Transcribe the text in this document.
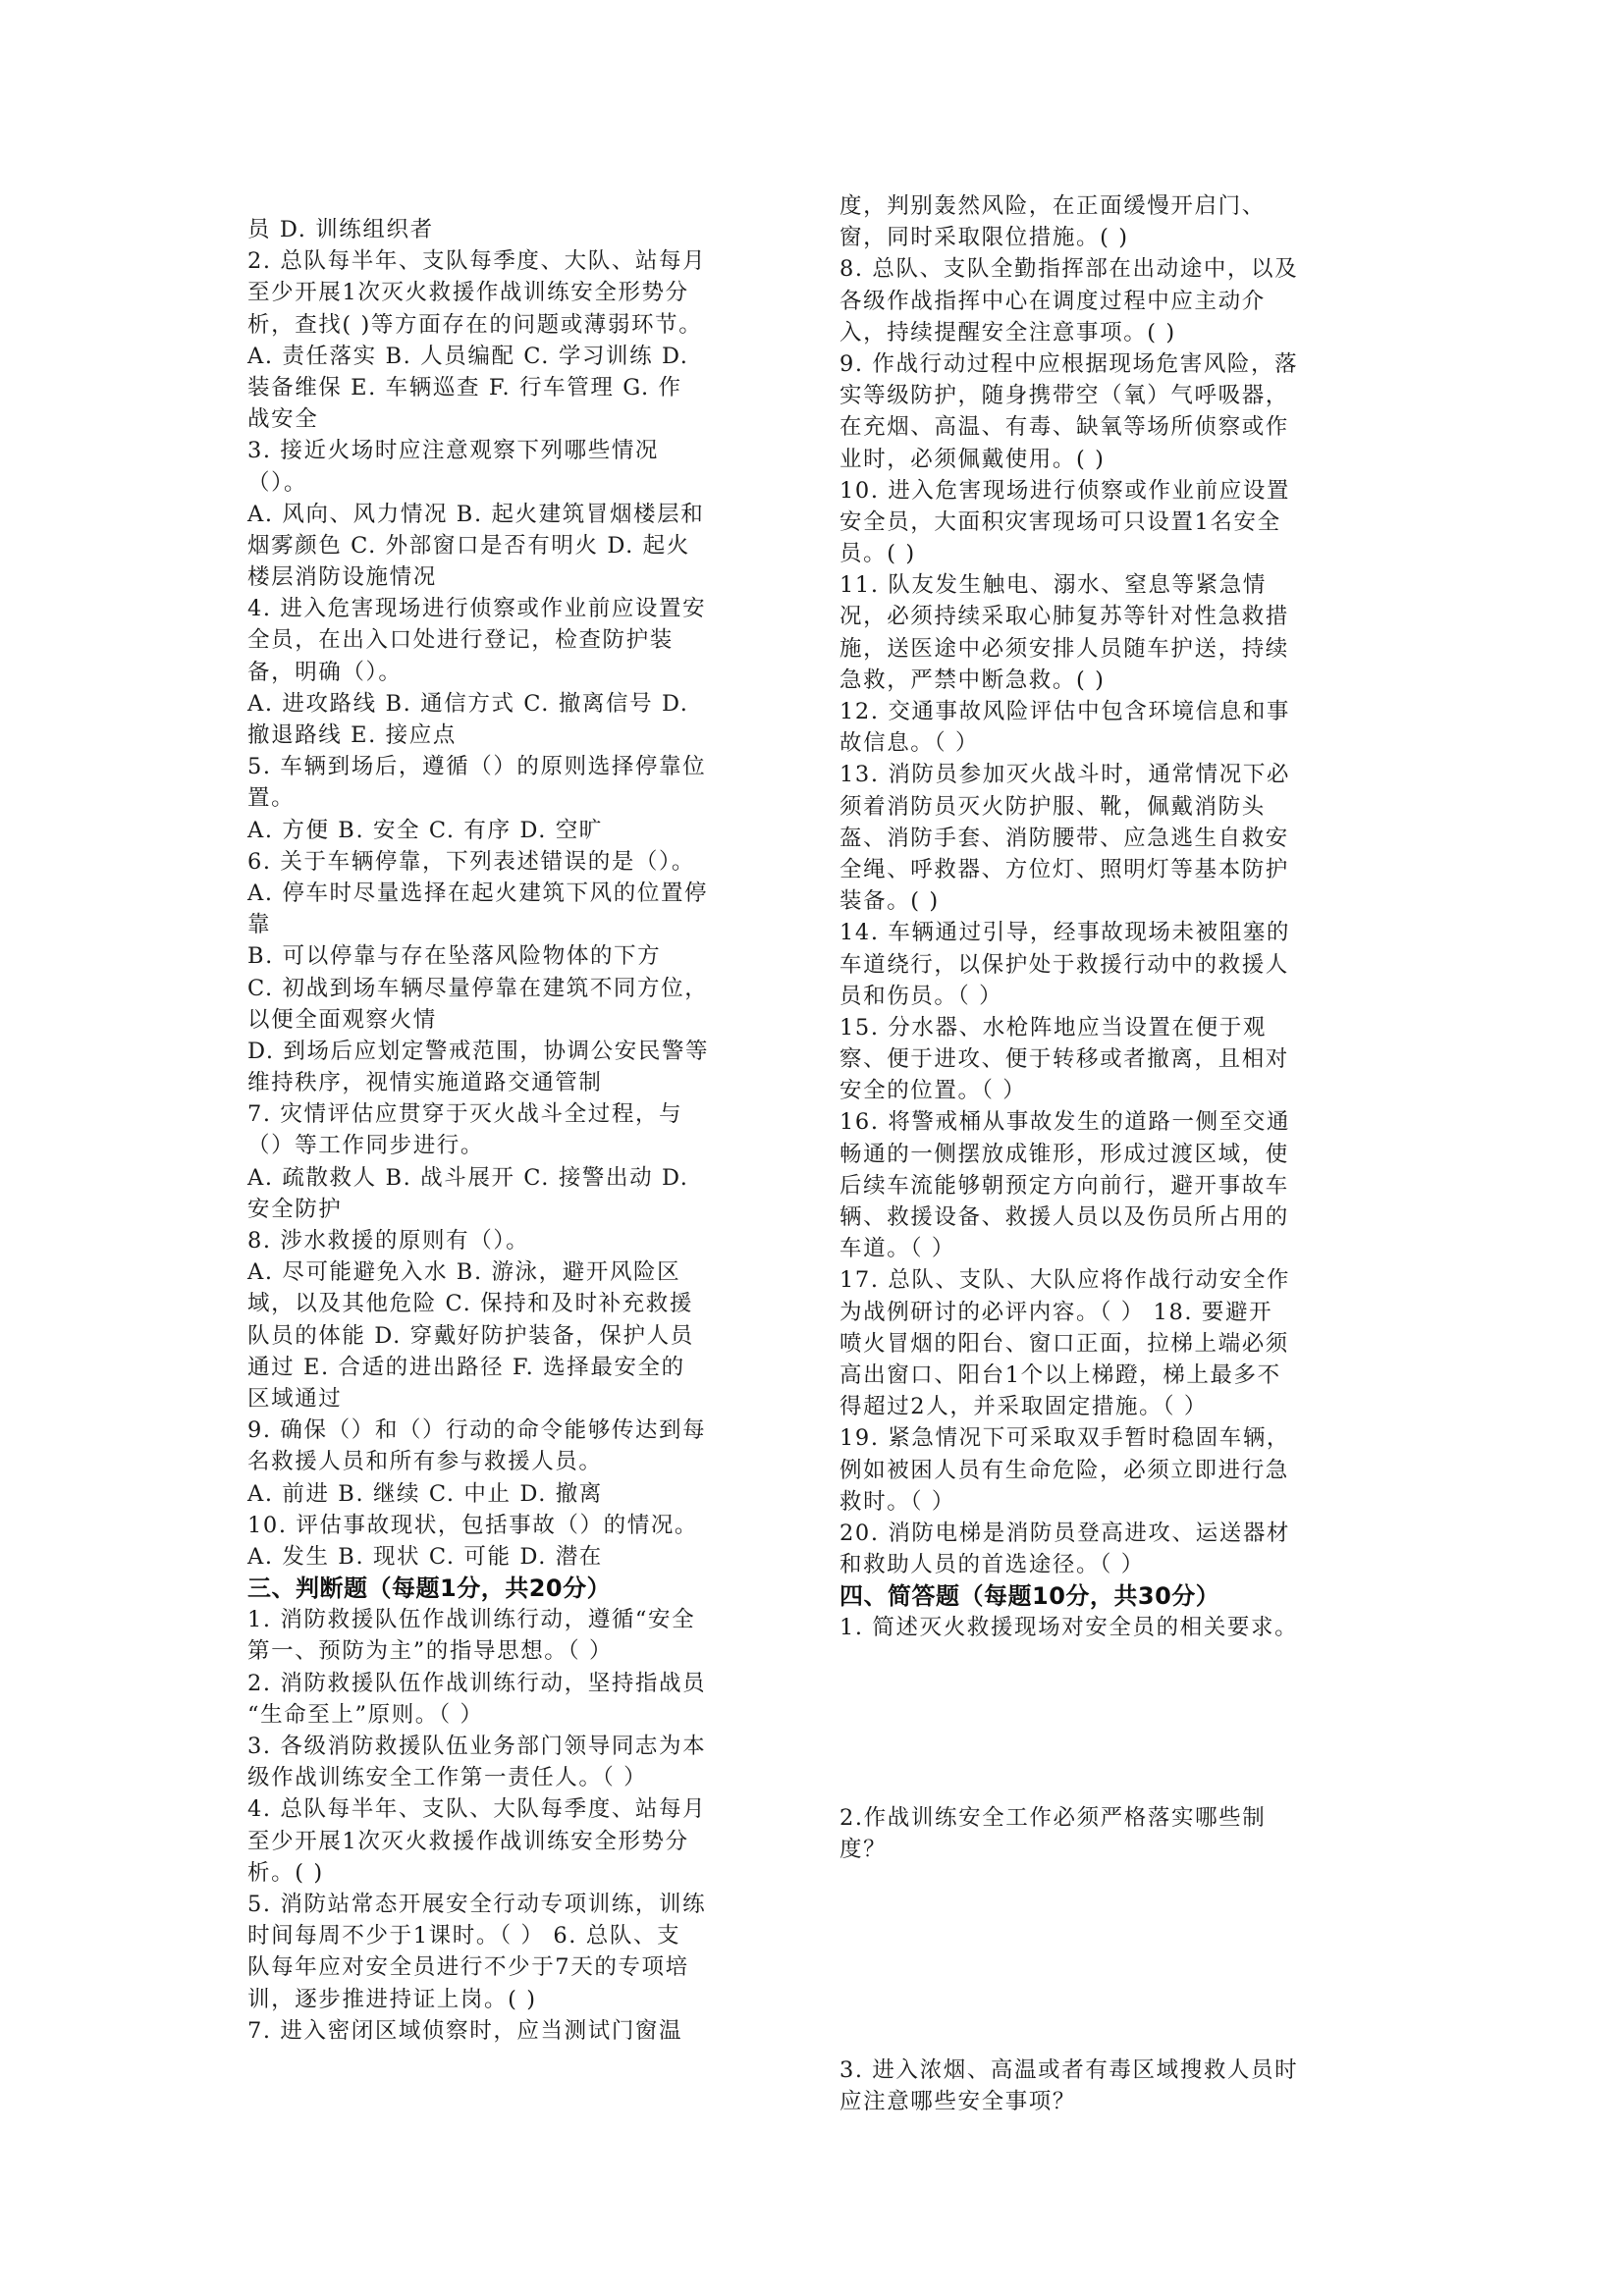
员 D. 训练组织者
2. 总队每半年、支队每季度、大队、站每月
至少开展1次灭火救援作战训练安全形势分
析，查找( )等方面存在的问题或薄弱环节。
A. 责任落实 B. 人员编配 C. 学习训练 D.
装备维保 E. 车辆巡查 F. 行车管理 G. 作
战安全
3. 接近火场时应注意观察下列哪些情况
（）。
A. 风向、风力情况 B. 起火建筑冒烟楼层和
烟雾颜色 C. 外部窗口是否有明火 D. 起火
楼层消防设施情况
4. 进入危害现场进行侦察或作业前应设置安
全员，在出入口处进行登记，检查防护装
备，明确（）。
A. 进攻路线 B. 通信方式 C. 撤离信号 D.
撤退路线 E. 接应点
5. 车辆到场后，遵循（）的原则选择停靠位
置。
A. 方便 B. 安全 C. 有序 D. 空旷
6. 关于车辆停靠，下列表述错误的是（）。
A. 停车时尽量选择在起火建筑下风的位置停
靠
B. 可以停靠与存在坠落风险物体的下方
C. 初战到场车辆尽量停靠在建筑不同方位，
以便全面观察火情
D. 到场后应划定警戒范围，协调公安民警等
维持秩序，视情实施道路交通管制
7. 灾情评估应贯穿于灭火战斗全过程，与
（）等工作同步进行。
A. 疏散救人 B. 战斗展开 C. 接警出动 D.
安全防护
8. 涉水救援的原则有（）。
A. 尽可能避免入水 B. 游泳，避开风险区
域，以及其他危险 C. 保持和及时补充救援
队员的体能 D. 穿戴好防护装备，保护人员
通过 E. 合适的进出路径 F. 选择最安全的
区域通过
9. 确保（）和（）行动的命令能够传达到每
名救援人员和所有参与救援人员。
A. 前进 B. 继续 C. 中止 D. 撤离
10. 评估事故现状，包括事故（）的情况。
A. 发生 B. 现状 C. 可能 D. 潜在
三、判断题（每题1分，共20分）
1. 消防救援队伍作战训练行动，遵循“安全
第一、预防为主”的指导思想。（ ）
2. 消防救援队伍作战训练行动，坚持指战员
“生命至上”原则。（ ）
3. 各级消防救援队伍业务部门领导同志为本
级作战训练安全工作第一责任人。（ ）
4. 总队每半年、支队、大队每季度、站每月
至少开展1次灭火救援作战训练安全形势分
析。( )
5. 消防站常态开展安全行动专项训练，训练
时间每周不少于1课时。（ ） 6. 总队、支
队每年应对安全员进行不少于7天的专项培
训，逐步推进持证上岗。( )
7. 进入密闭区域侦察时，应当测试门窗温
度，判别轰然风险，在正面缓慢开启门、
窗，同时采取限位措施。( )
8. 总队、支队全勤指挥部在出动途中，以及
各级作战指挥中心在调度过程中应主动介
入，持续提醒安全注意事项。( )
9. 作战行动过程中应根据现场危害风险，落
实等级防护，随身携带空（氧）气呼吸器，
在充烟、高温、有毒、缺氧等场所侦察或作
业时，必须佩戴使用。( )
10. 进入危害现场进行侦察或作业前应设置
安全员，大面积灾害现场可只设置1名安全
员。( )
11. 队友发生触电、溺水、窒息等紧急情
况，必须持续采取心肺复苏等针对性急救措
施，送医途中必须安排人员随车护送，持续
急救，严禁中断急救。( )
12. 交通事故风险评估中包含环境信息和事
故信息。（ ）
13. 消防员参加灭火战斗时，通常情况下必
须着消防员灭火防护服、靴，佩戴消防头
盔、消防手套、消防腰带、应急逃生自救安
全绳、呼救器、方位灯、照明灯等基本防护
装备。( )
14. 车辆通过引导，经事故现场未被阻塞的
车道绕行，以保护处于救援行动中的救援人
员和伤员。（ ）
15. 分水器、水枪阵地应当设置在便于观
察、便于进攻、便于转移或者撤离，且相对
安全的位置。（ ）
16. 将警戒桶从事故发生的道路一侧至交通
畅通的一侧摆放成锥形，形成过渡区域，使
后续车流能够朝预定方向前行，避开事故车
辆、救援设备、救援人员以及伤员所占用的
车道。（ ）
17. 总队、支队、大队应将作战行动安全作
为战例研讨的必评内容。（ ） 18. 要避开
喷火冒烟的阳台、窗口正面，拉梯上端必须
高出窗口、阳台1个以上梯蹬，梯上最多不
得超过2人，并采取固定措施。（ ）
19. 紧急情况下可采取双手暂时稳固车辆，
例如被困人员有生命危险，必须立即进行急
救时。（ ）
20. 消防电梯是消防员登高进攻、运送器材
和救助人员的首选途径。（ ）
四、简答题（每题10分，共30分）
1. 简述灭火救援现场对安全员的相关要求。
2.作战训练安全工作必须严格落实哪些制
度？
3. 进入浓烟、高温或者有毒区域搜救人员时
应注意哪些安全事项？
